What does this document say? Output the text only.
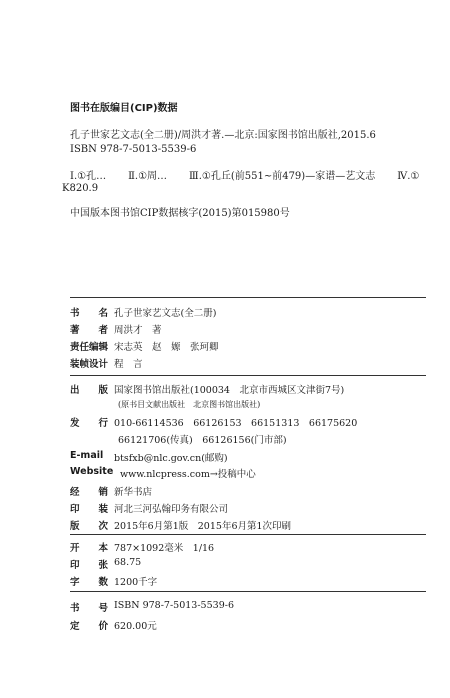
图书在版编目(CIP)数据
孔子世家艺文志(全二册)/周洪才著.—北京:国家图书馆出版社,2015.6
ISBN 978-7-5013-5539-6
Ⅰ.①孔… Ⅱ.①周… Ⅲ.①孔丘(前551~前479)—家谱—艺文志 Ⅳ.①
K820.9
中国版本图书馆CIP数据核字(2015)第015980号
书　　名 孔子世家艺文志(全二册)
著　　者 周洪才　著
责任编辑 宋志英　赵　嫄　张珂卿
装帧设计 程　言
出　　版 国家图书馆出版社(100034　北京市西城区文津街7号)
(原书目文献出版社　北京图书馆出版社)
发　　行 010-66114536　66126153　66151313　66175620
66121706(传真)　66126156(门市部)
E-mail	btsfxb@nlc.gov.cn(邮购)
Website www.nlcpress.com→投稿中心
经　　销 新华书店
印　　装 河北三河弘翰印务有限公司
版　　次 2015年6月第1版　2015年6月第1次印刷
开　　本 787×1092毫米　1/16
印　　张 68.75
字　　数 1200千字
书　　号 ISBN 978-7-5013-5539-6
定　　价 620.00元
